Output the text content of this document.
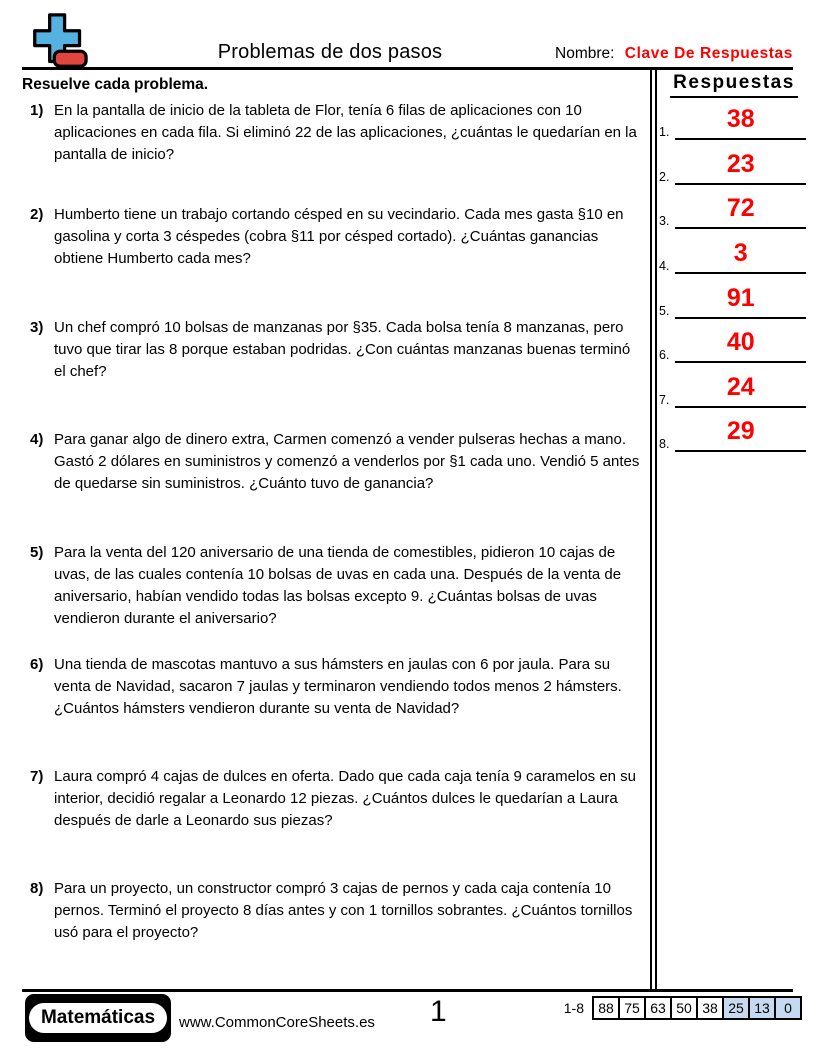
Problemas de dos pasos	Nombre: Clave De Respuestas
Resuelve cada problema.
1) En la pantalla de inicio de la tableta de Flor, tenía 6 filas de aplicaciones con 10 aplicaciones en cada fila. Si eliminó 22 de las aplicaciones, ¿cuántas le quedarían en la pantalla de inicio?
2) Humberto tiene un trabajo cortando césped en su vecindario. Cada mes gasta §10 en gasolina y corta 3 céspedes (cobra §11 por césped cortado). ¿Cuántas ganancias obtiene Humberto cada mes?
3) Un chef compró 10 bolsas de manzanas por §35. Cada bolsa tenía 8 manzanas, pero tuvo que tirar las 8 porque estaban podridas. ¿Con cuántas manzanas buenas terminó el chef?
4) Para ganar algo de dinero extra, Carmen comenzó a vender pulseras hechas a mano. Gastó 2 dólares en suministros y comenzó a venderlos por §1 cada uno. Vendió 5 antes de quedarse sin suministros. ¿Cuánto tuvo de ganancia?
5) Para la venta del 120 aniversario de una tienda de comestibles, pidieron 10 cajas de uvas, de las cuales contenía 10 bolsas de uvas en cada una. Después de la venta de aniversario, habían vendido todas las bolsas excepto 9. ¿Cuántas bolsas de uvas vendieron durante el aniversario?
6) Una tienda de mascotas mantuvo a sus hámsters en jaulas con 6 por jaula. Para su venta de Navidad, sacaron 7 jaulas y terminaron vendiendo todos menos 2 hámsters. ¿Cuántos hámsters vendieron durante su venta de Navidad?
7) Laura compró 4 cajas de dulces en oferta. Dado que cada caja tenía 9 caramelos en su interior, decidió regalar a Leonardo 12 piezas. ¿Cuántos dulces le quedarían a Laura después de darle a Leonardo sus piezas?
8) Para un proyecto, un constructor compró 3 cajas de pernos y cada caja contenía 10 pernos. Terminó el proyecto 8 días antes y con 1 tornillos sobrantes. ¿Cuántos tornillos usó para el proyecto?
Respuestas
1.	38
2.	23
3.	72
4.	3
5.	91
6.	40
7.	24
8.	29
Matemáticas	www.CommonCoreSheets.es 1	1-8	88 75 63 50 38 25 13	0
